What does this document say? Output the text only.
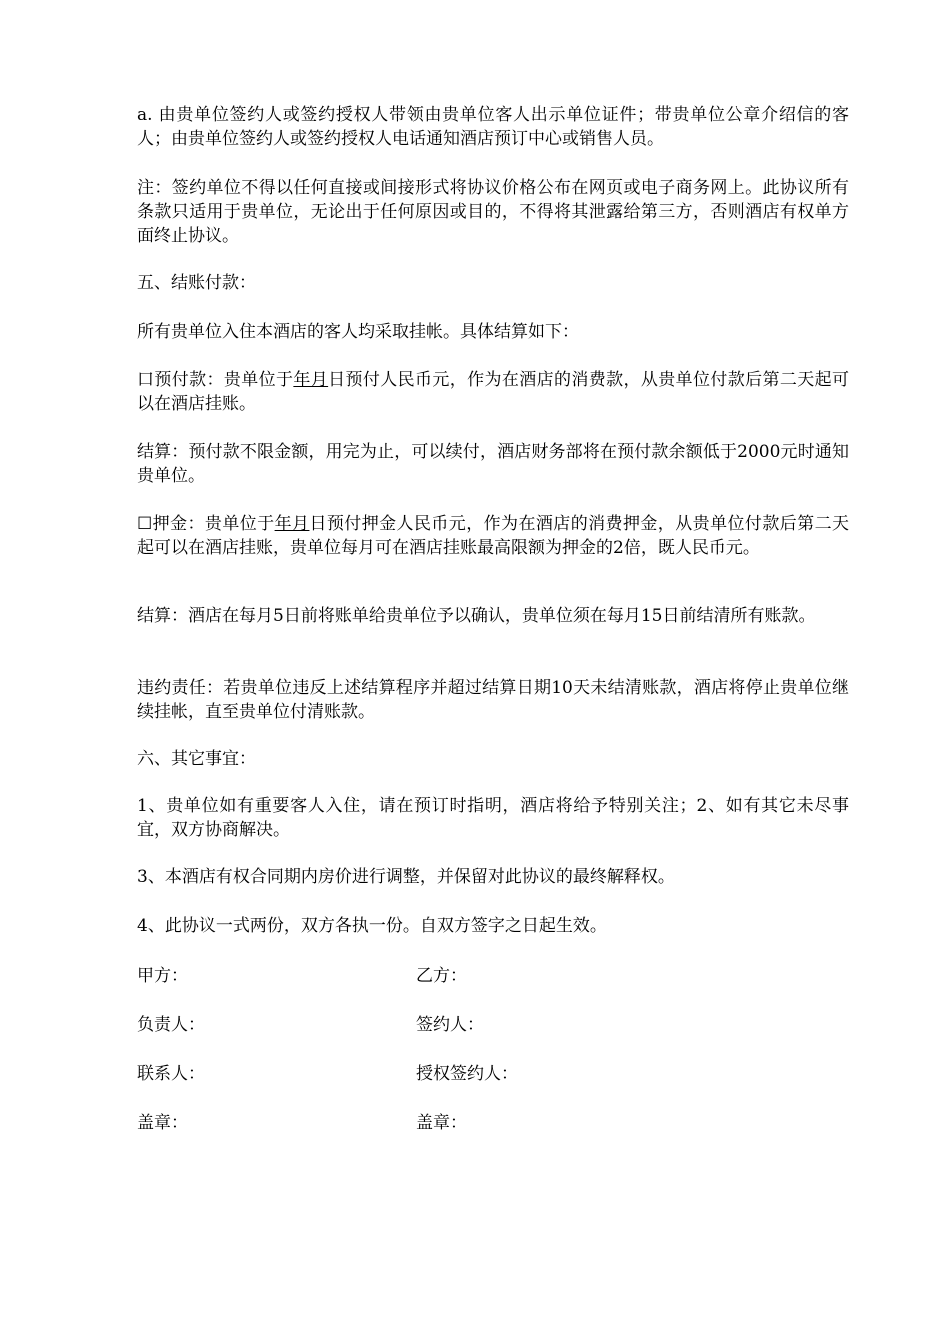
a. 由贵单位签约人或签约授权人带领由贵单位客人出示单位证件；带贵单位公章介绍信的客人；由贵单位签约人或签约授权人电话通知酒店预订中心或销售人员。

注：签约单位不得以任何直接或间接形式将协议价格公布在网页或电子商务网上。此协议所有条款只适用于贵单位，无论出于任何原因或目的，不得将其泄露给第三方，否则酒店有权单方面终止协议。

五、结账付款：

所有贵单位入住本酒店的客人均采取挂帐。具体结算如下：

口预付款：贵单位于年月日预付人民币元，作为在酒店的消费款，从贵单位付款后第二天起可以在酒店挂账。

结算：预付款不限金额，用完为止，可以续付，酒店财务部将在预付款余额低于2000元时通知贵单位。

☐押金：贵单位于年月日预付押金人民币元，作为在酒店的消费押金，从贵单位付款后第二天起可以在酒店挂账，贵单位每月可在酒店挂账最高限额为押金的2倍，既人民币元。

结算：酒店在每月5日前将账单给贵单位予以确认，贵单位须在每月15日前结清所有账款。

违约责任：若贵单位违反上述结算程序并超过结算日期10天未结清账款，酒店将停止贵单位继续挂帐，直至贵单位付清账款。

六、其它事宜：

1、贵单位如有重要客人入住，请在预订时指明，酒店将给予特别关注；2、如有其它未尽事宜，双方协商解决。

3、本酒店有权合同期内房价进行调整，并保留对此协议的最终解释权。

4、此协议一式两份，双方各执一份。自双方签字之日起生效。

甲方：	乙方：

负责人：	签约人：

联系人：	授权签约人：

盖章：	盖章：
